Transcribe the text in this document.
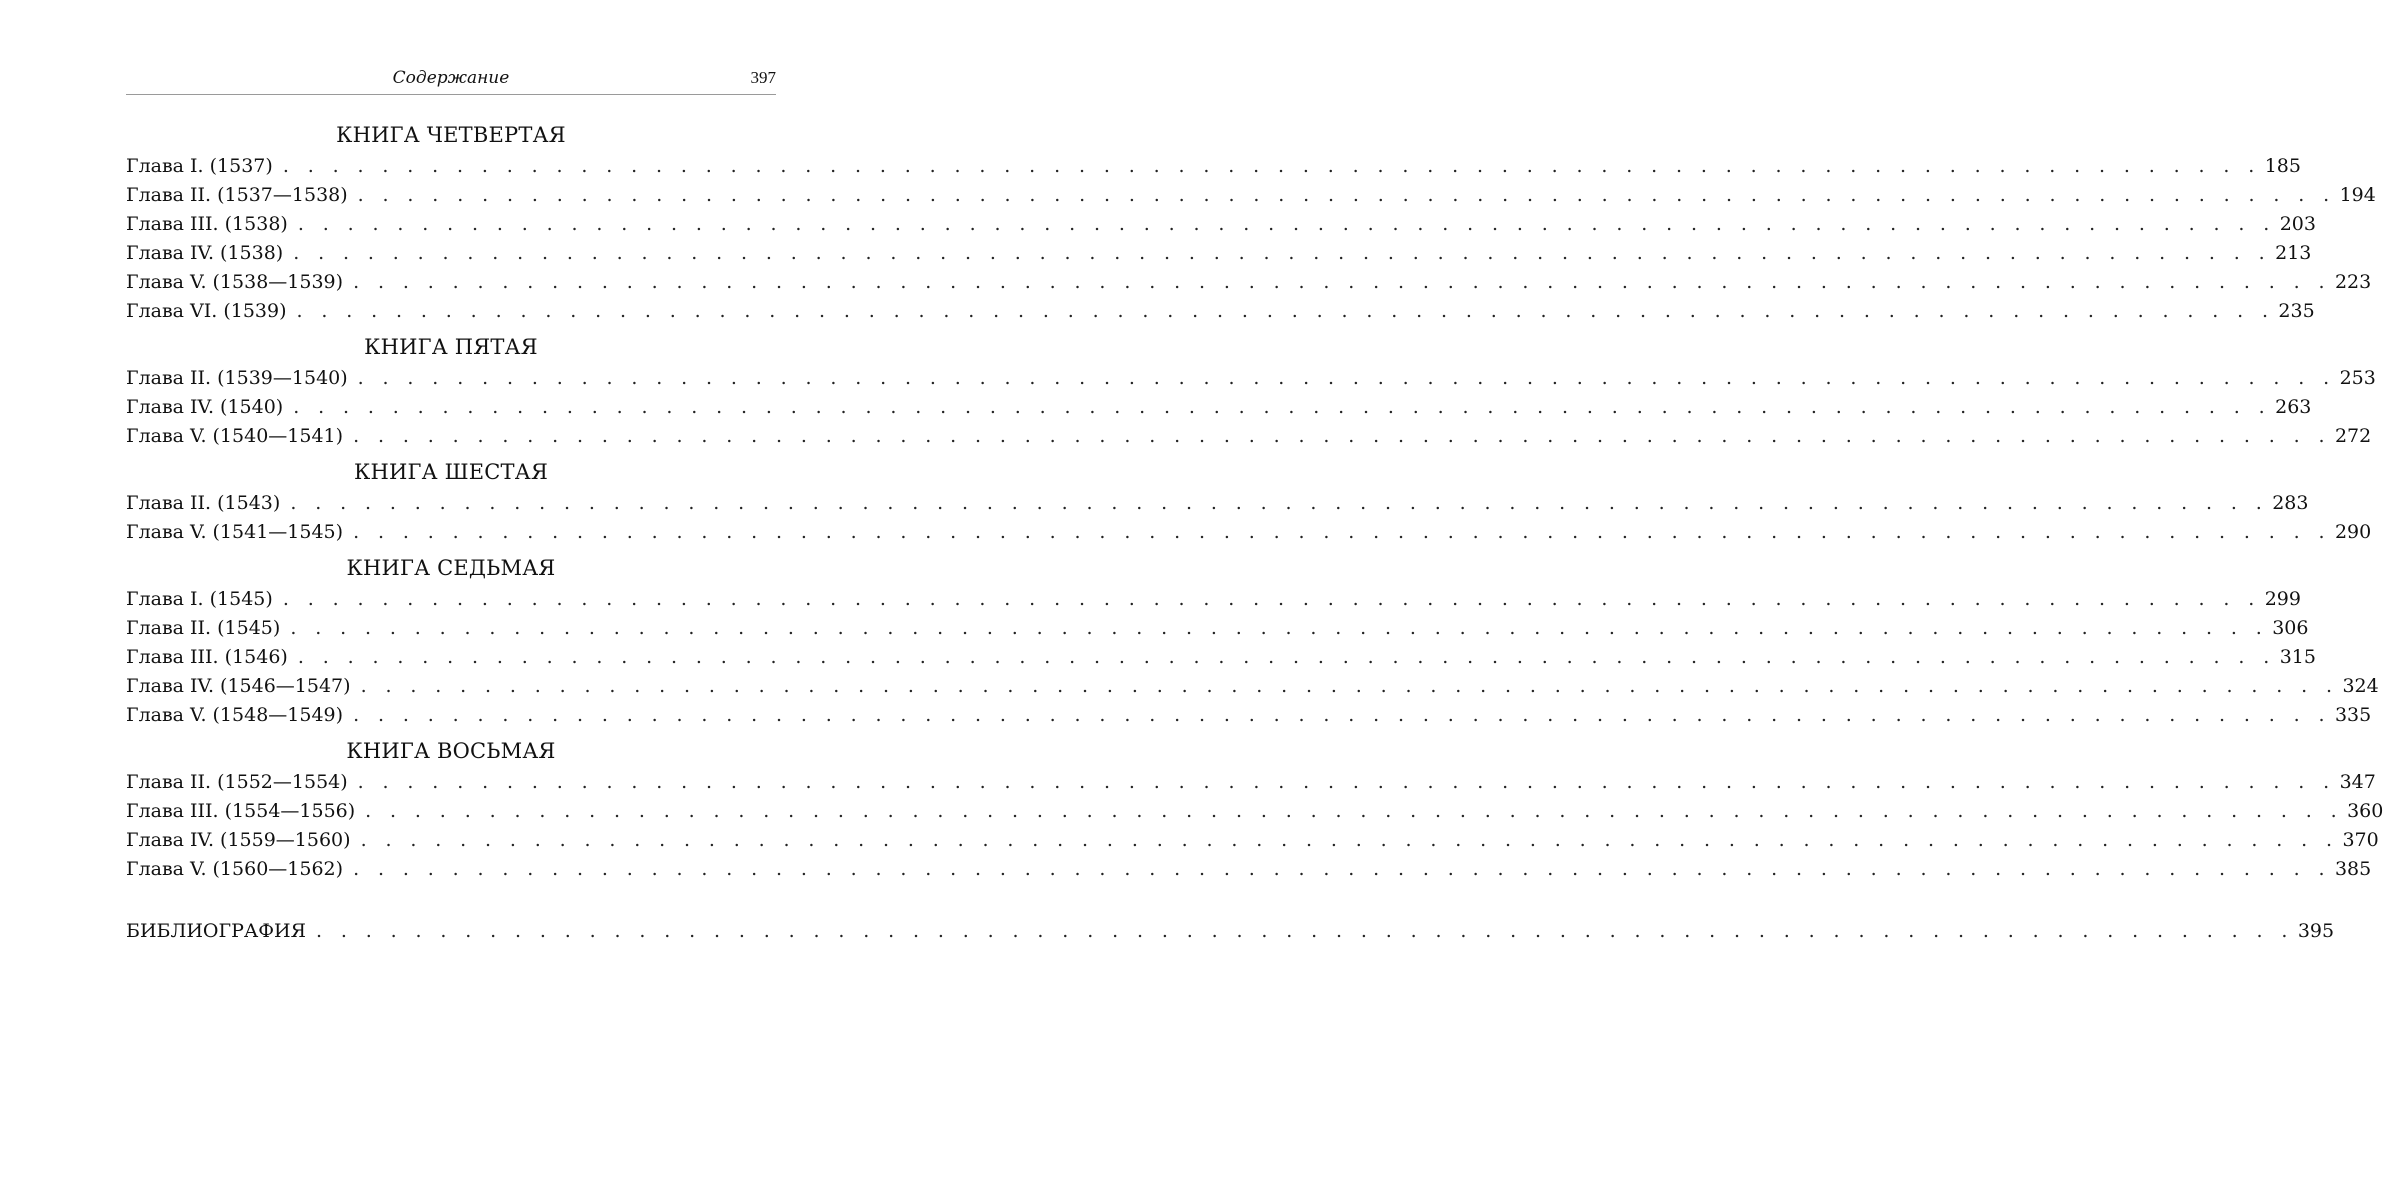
Содержание	397
КНИГА ЧЕТВЕРТАЯ
Глава I. (1537) . . . . . . . . . . . . . . . . . . . . . . . . . . . . . . . . . . . . . . . . . . . . . . . . . . . . . . . . . . . . . . . . . . . . . . . . . . . . . . . . 185
Глава II. (1537—1538) . . . . . . . . . . . . . . . . . . . . . . . . . . . . . . . . . . . . . . . . . . . . . . . . . . . . . . . . . . . . . . . . . . . . . . . . . . . . . . . . 194
Глава III. (1538) . . . . . . . . . . . . . . . . . . . . . . . . . . . . . . . . . . . . . . . . . . . . . . . . . . . . . . . . . . . . . . . . . . . . . . . . . . . . . . . . 203
Глава IV. (1538) . . . . . . . . . . . . . . . . . . . . . . . . . . . . . . . . . . . . . . . . . . . . . . . . . . . . . . . . . . . . . . . . . . . . . . . . . . . . . . . . 213
Глава V. (1538—1539) . . . . . . . . . . . . . . . . . . . . . . . . . . . . . . . . . . . . . . . . . . . . . . . . . . . . . . . . . . . . . . . . . . . . . . . . . . . . . . . . 223
Глава VI. (1539) . . . . . . . . . . . . . . . . . . . . . . . . . . . . . . . . . . . . . . . . . . . . . . . . . . . . . . . . . . . . . . . . . . . . . . . . . . . . . . . . 235
КНИГА ПЯТАЯ
Глава II. (1539—1540) . . . . . . . . . . . . . . . . . . . . . . . . . . . . . . . . . . . . . . . . . . . . . . . . . . . . . . . . . . . . . . . . . . . . . . . . . . . . . . . . 253
Глава IV. (1540) . . . . . . . . . . . . . . . . . . . . . . . . . . . . . . . . . . . . . . . . . . . . . . . . . . . . . . . . . . . . . . . . . . . . . . . . . . . . . . . . 263
Глава V. (1540—1541) . . . . . . . . . . . . . . . . . . . . . . . . . . . . . . . . . . . . . . . . . . . . . . . . . . . . . . . . . . . . . . . . . . . . . . . . . . . . . . . . 272
КНИГА ШЕСТАЯ
Глава II. (1543) . . . . . . . . . . . . . . . . . . . . . . . . . . . . . . . . . . . . . . . . . . . . . . . . . . . . . . . . . . . . . . . . . . . . . . . . . . . . . . . . 283
Глава V. (1541—1545) . . . . . . . . . . . . . . . . . . . . . . . . . . . . . . . . . . . . . . . . . . . . . . . . . . . . . . . . . . . . . . . . . . . . . . . . . . . . . . . . 290
КНИГА СЕДЬМАЯ
Глава I. (1545) . . . . . . . . . . . . . . . . . . . . . . . . . . . . . . . . . . . . . . . . . . . . . . . . . . . . . . . . . . . . . . . . . . . . . . . . . . . . . . . . 299
Глава II. (1545) . . . . . . . . . . . . . . . . . . . . . . . . . . . . . . . . . . . . . . . . . . . . . . . . . . . . . . . . . . . . . . . . . . . . . . . . . . . . . . . . 306
Глава III. (1546) . . . . . . . . . . . . . . . . . . . . . . . . . . . . . . . . . . . . . . . . . . . . . . . . . . . . . . . . . . . . . . . . . . . . . . . . . . . . . . . . 315
Глава IV. (1546—1547) . . . . . . . . . . . . . . . . . . . . . . . . . . . . . . . . . . . . . . . . . . . . . . . . . . . . . . . . . . . . . . . . . . . . . . . . . . . . . . . . 324
Глава V. (1548—1549) . . . . . . . . . . . . . . . . . . . . . . . . . . . . . . . . . . . . . . . . . . . . . . . . . . . . . . . . . . . . . . . . . . . . . . . . . . . . . . . . 335
КНИГА ВОСЬМАЯ
Глава II. (1552—1554) . . . . . . . . . . . . . . . . . . . . . . . . . . . . . . . . . . . . . . . . . . . . . . . . . . . . . . . . . . . . . . . . . . . . . . . . . . . . . . . . 347
Глава III. (1554—1556) . . . . . . . . . . . . . . . . . . . . . . . . . . . . . . . . . . . . . . . . . . . . . . . . . . . . . . . . . . . . . . . . . . . . . . . . . . . . . . . . 360
Глава IV. (1559—1560) . . . . . . . . . . . . . . . . . . . . . . . . . . . . . . . . . . . . . . . . . . . . . . . . . . . . . . . . . . . . . . . . . . . . . . . . . . . . . . . . 370
Глава V. (1560—1562) . . . . . . . . . . . . . . . . . . . . . . . . . . . . . . . . . . . . . . . . . . . . . . . . . . . . . . . . . . . . . . . . . . . . . . . . . . . . . . . . 385
БИБЛИОГРАФИЯ . . . . . . . . . . . . . . . . . . . . . . . . . . . . . . . . . . . . . . . . . . . . . . . . . . . . . . . . . . . . . . . . . . . . . . . . . . . . . . . . 395
